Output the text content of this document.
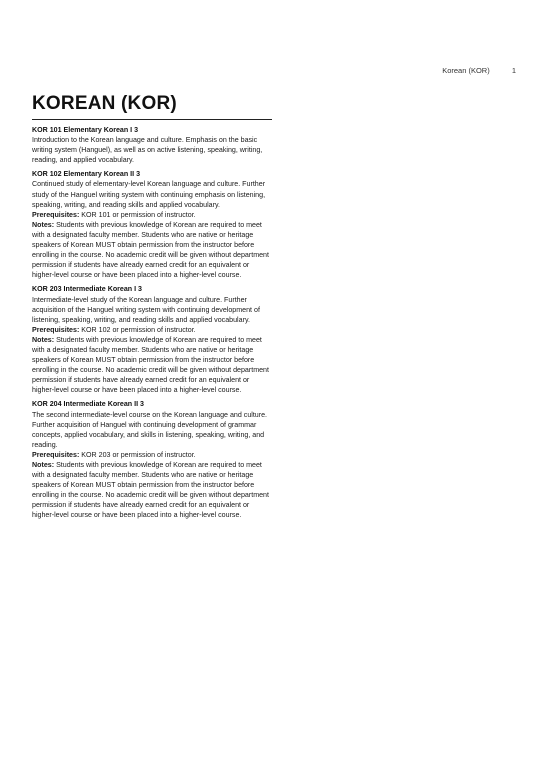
Korean (KOR)	1
KOREAN (KOR)
KOR 101 Elementary Korean I 3

Introduction to the Korean language and culture. Emphasis on the basic writing system (Hanguel), as well as on active listening, speaking, writing, reading, and applied vocabulary.

KOR 102 Elementary Korean II 3

Continued study of elementary-level Korean language and culture. Further study of the Hanguel writing system with continuing emphasis on listening, speaking, writing, and reading skills and applied vocabulary.

Prerequisites: KOR 101 or permission of instructor.

Notes: Students with previous knowledge of Korean are required to meet with a designated faculty member. Students who are native or heritage speakers of Korean MUST obtain permission from the instructor before enrolling in the course. No academic credit will be given without department permission if students have already earned credit for an equivalent or higher-level course or have been placed into a higher-level course.

KOR 203 Intermediate Korean I 3

Intermediate-level study of the Korean language and culture. Further acquisition of the Hanguel writing system with continuing development of listening, speaking, writing, and reading skills and applied vocabulary.

Prerequisites: KOR 102 or permission of instructor.

Notes: Students with previous knowledge of Korean are required to meet with a designated faculty member. Students who are native or heritage speakers of Korean MUST obtain permission from the instructor before enrolling in the course. No academic credit will be given without department permission if students have already earned credit for an equivalent or higher-level course or have been placed into a higher-level course.

KOR 204 Intermediate Korean II 3

The second intermediate-level course on the Korean language and culture. Further acquisition of Hanguel with continuing development of grammar concepts, applied vocabulary, and skills in listening, speaking, writing, and reading.

Prerequisites: KOR 203 or permission of instructor.

Notes: Students with previous knowledge of Korean are required to meet with a designated faculty member. Students who are native or heritage speakers of Korean MUST obtain permission from the instructor before enrolling in the course. No academic credit will be given without department permission if students have already earned credit for an equivalent or higher-level course or have been placed into a higher-level course.
